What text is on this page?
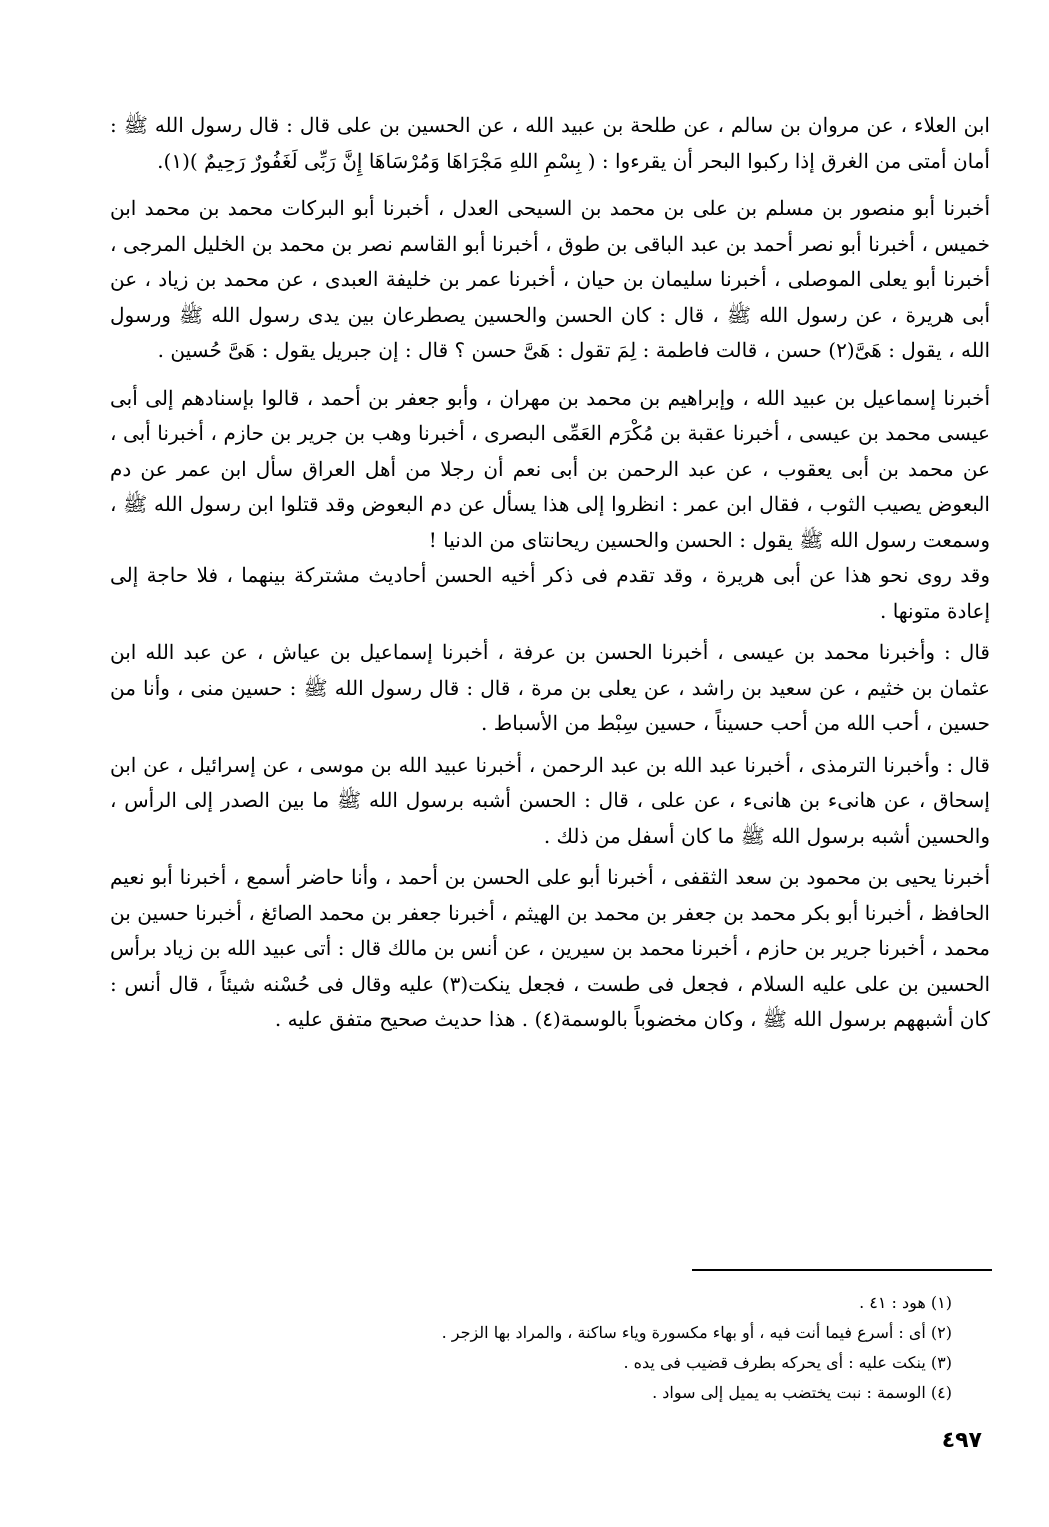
ابن العلاء ، عن مروان بن سالم ، عن طلحة بن عبيد الله ، عن الحسين بن على قال : قال رسول الله ﷺ : أمان أمتى من الغرق إذا ركبوا البحر أن يقرءوا : ( بِسْمِ اللهِ مَجْرَاهَا وَمُرْسَاهَا إِنَّ رَبِّى لَغَفُورٌ رَحِيمٌ )(١).

أخبرنا أبو منصور بن مسلم بن على بن محمد بن السيحى العدل ، أخبرنا أبو البركات محمد بن محمد ابن خميس ، أخبرنا أبو نصر أحمد بن عبد الباقى بن طوق ، أخبرنا أبو القاسم نصر بن محمد بن الخليل المرجى ، أخبرنا أبو يعلى الموصلى ، أخبرنا سليمان بن حيان ، أخبرنا عمر بن خليفة العبدى ، عن محمد بن زياد ، عن أبى هريرة ، عن رسول الله ﷺ ، قال : كان الحسن والحسين يصطرعان بين يدى رسول الله ﷺ ورسول الله ، يقول : هَىَّ(٢) حسن ، قالت فاطمة : لِمَ تقول : هَىَّ حسن ؟ قال : إن جبريل يقول : هَىَّ حُسين .

أخبرنا إسماعيل بن عبيد الله ، وإبراهيم بن محمد بن مهران ، وأبو جعفر بن أحمد ، قالوا بإسنادهم إلى أبى عيسى محمد بن عيسى ، أخبرنا عقبة بن مُكْرَم العَمِّى البصرى ، أخبرنا وهب بن جرير بن حازم ، أخبرنا أبى ، عن محمد بن أبى يعقوب ، عن عبد الرحمن بن أبى نعم أن رجلا من أهل العراق سأل ابن عمر عن دم البعوض يصيب الثوب ، فقال ابن عمر : انظروا إلى هذا يسأل عن دم البعوض وقد قتلوا ابن رسول الله ﷺ ، وسمعت رسول الله ﷺ يقول : الحسن والحسين ريحانتاى من الدنيا !

وقد روى نحو هذا عن أبى هريرة ، وقد تقدم فى ذكر أخيه الحسن أحاديث مشتركة بينهما ، فلا حاجة إلى إعادة متونها .

قال : وأخبرنا محمد بن عيسى ، أخبرنا الحسن بن عرفة ، أخبرنا إسماعيل بن عياش ، عن عبد الله ابن عثمان بن خثيم ، عن سعيد بن راشد ، عن يعلى بن مرة ، قال : قال رسول الله ﷺ : حسين منى ، وأنا من حسين ، أحب الله من أحب حسيناً ، حسين سِبْط من الأسباط .

قال : وأخبرنا الترمذى ، أخبرنا عبد الله بن عبد الرحمن ، أخبرنا عبيد الله بن موسى ، عن إسرائيل ، عن ابن إسحاق ، عن هانىء بن هانىء ، عن على ، قال : الحسن أشبه برسول الله ﷺ ما بين الصدر إلى الرأس ، والحسين أشبه برسول الله ﷺ ما كان أسفل من ذلك .

أخبرنا يحيى بن محمود بن سعد الثقفى ، أخبرنا أبو على الحسن بن أحمد ، وأنا حاضر أسمع ، أخبرنا أبو نعيم الحافظ ، أخبرنا أبو بكر محمد بن جعفر بن محمد بن الهيثم ، أخبرنا جعفر بن محمد الصائغ ، أخبرنا حسين بن محمد ، أخبرنا جرير بن حازم ، أخبرنا محمد بن سيرين ، عن أنس بن مالك قال : أتى عبيد الله بن زياد برأس الحسين بن على عليه السلام ، فجعل فى طست ، فجعل ينكت(٣) عليه وقال فى حُسْنه شيئاً ، قال أنس : كان أشبههم برسول الله ﷺ ، وكان مخضوباً بالوسمة(٤) . هذا حديث صحيح متفق عليه .

(١) هود : ٤١ .

(٢) أى : أسرع فيما أنت فيه ، أو بهاء مكسورة وياء ساكنة ، والمراد بها الزجر .

(٣) ينكت عليه : أى يحركه بطرف قضيب فى يده .

(٤) الوسمة : نبت يختضب به يميل إلى سواد .

٤٩٧
